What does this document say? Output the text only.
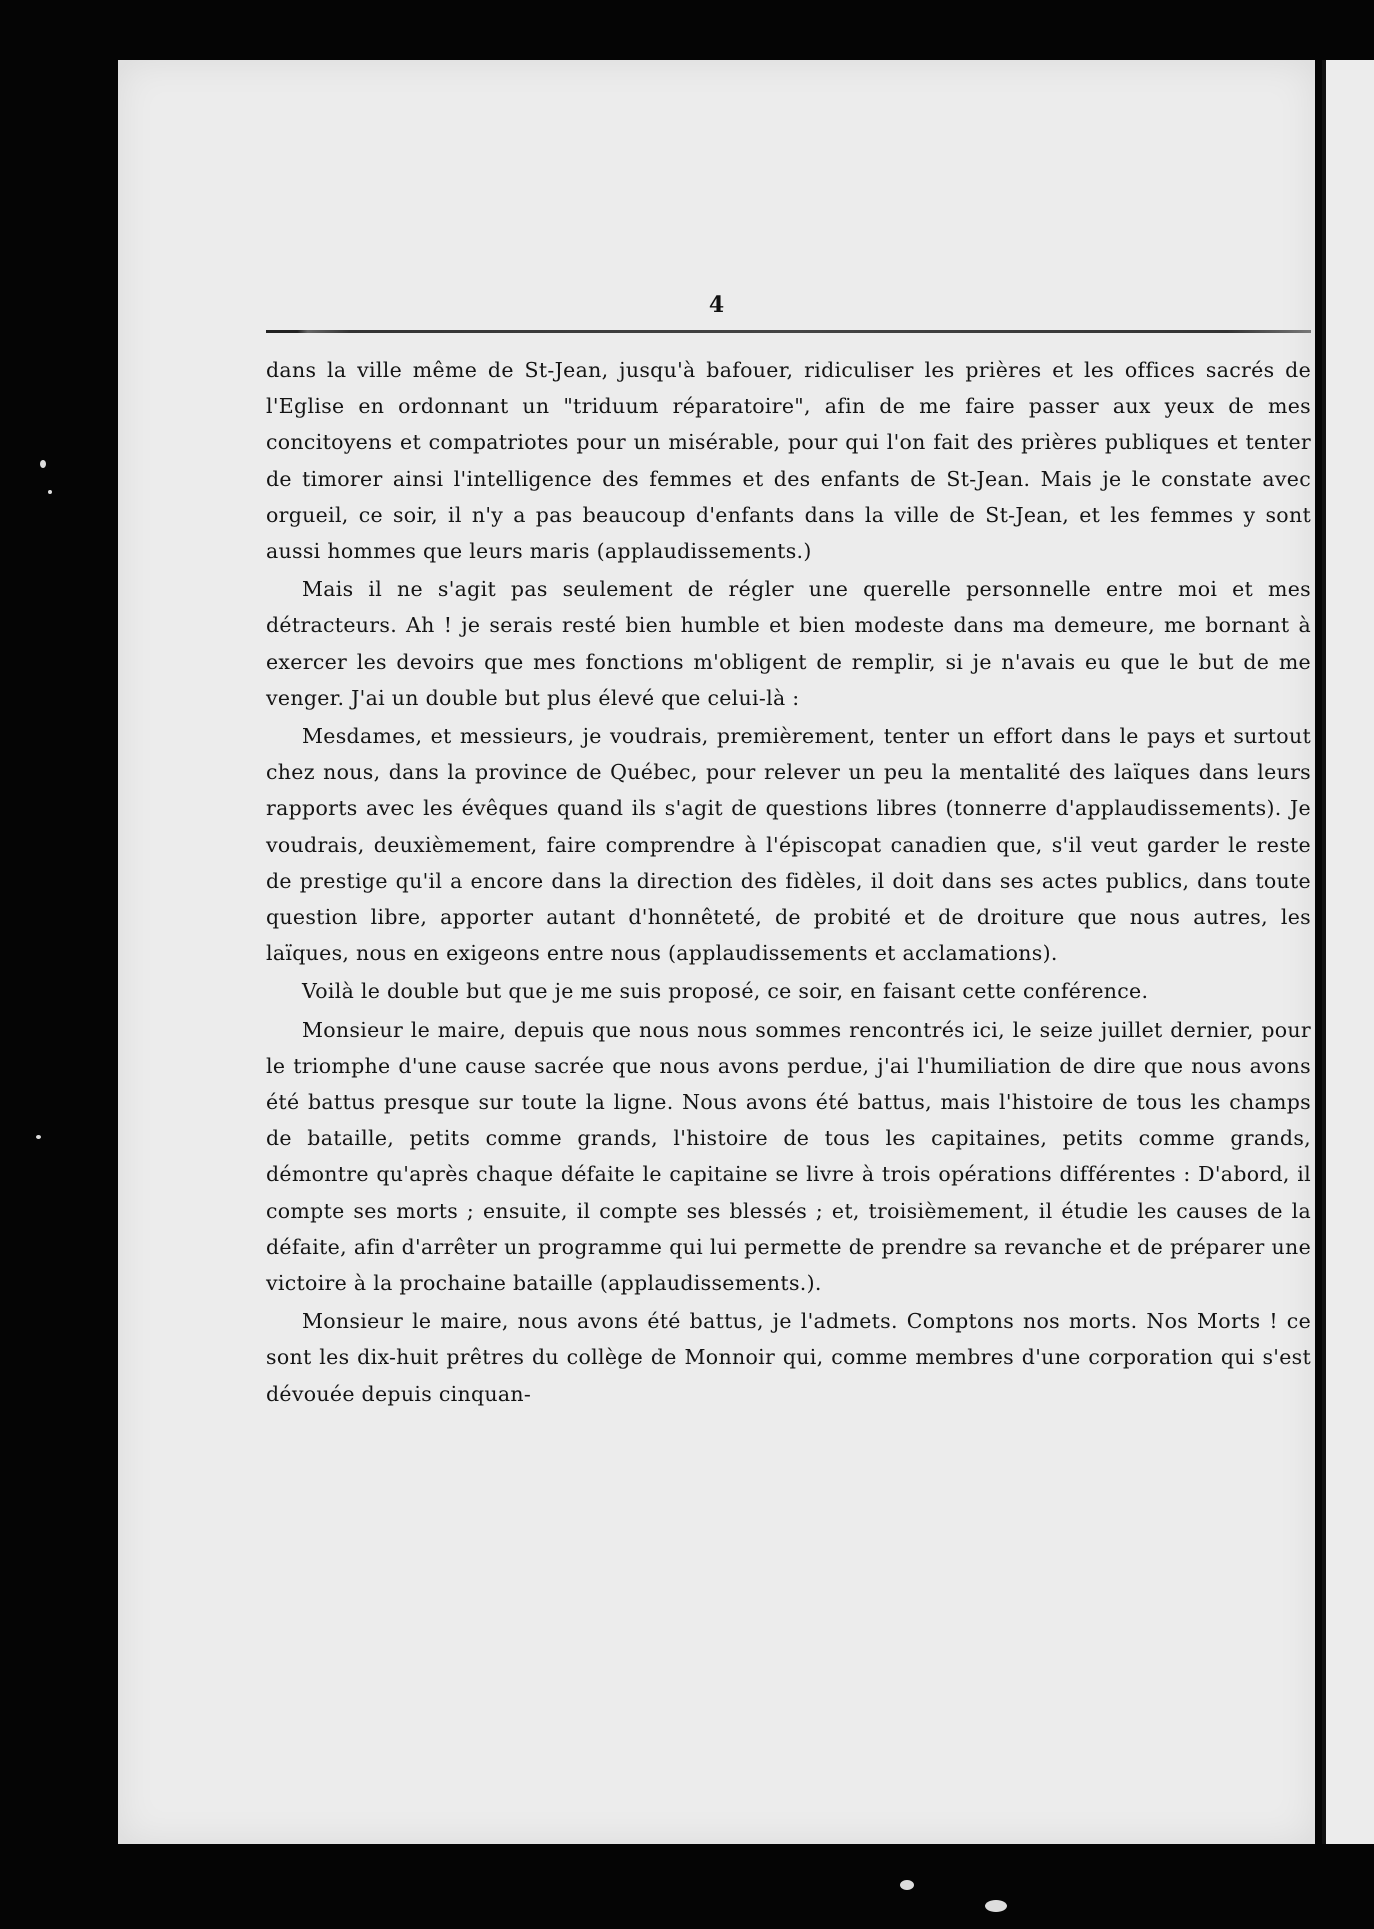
4

dans la ville même de St-Jean, jusqu'à bafouer, ridiculiser les prières et les offices sacrés de l'Eglise en ordonnant un "triduum réparatoire", afin de me faire passer aux yeux de mes concitoyens et compatriotes pour un misérable, pour qui l'on fait des prières publiques et tenter de timorer ainsi l'intelligence des femmes et des enfants de St-Jean. Mais je le constate avec orgueil, ce soir, il n'y a pas beaucoup d'enfants dans la ville de St-Jean, et les femmes y sont aussi hommes que leurs maris (applaudissements.)

Mais il ne s'agit pas seulement de régler une querelle personnelle entre moi et mes détracteurs. Ah ! je serais resté bien humble et bien modeste dans ma demeure, me bornant à exercer les devoirs que mes fonctions m'obligent de remplir, si je n'avais eu que le but de me venger. J'ai un double but plus élevé que celui-là :

Mesdames, et messieurs, je voudrais, premièrement, tenter un effort dans le pays et surtout chez nous, dans la province de Québec, pour relever un peu la mentalité des laïques dans leurs rapports avec les évêques quand ils s'agit de questions libres (tonnerre d'applaudissements). Je voudrais, deuxièmement, faire comprendre à l'épiscopat canadien que, s'il veut garder le reste de prestige qu'il a encore dans la direction des fidèles, il doit dans ses actes publics, dans toute question libre, apporter autant d'honnêteté, de probité et de droiture que nous autres, les laïques, nous en exigeons entre nous (applaudissements et acclamations).

Voilà le double but que je me suis proposé, ce soir, en faisant cette conférence.

Monsieur le maire, depuis que nous nous sommes rencontrés ici, le seize juillet dernier, pour le triomphe d'une cause sacrée que nous avons perdue, j'ai l'humiliation de dire que nous avons été battus presque sur toute la ligne. Nous avons été battus, mais l'histoire de tous les champs de bataille, petits comme grands, l'histoire de tous les capitaines, petits comme grands, démontre qu'après chaque défaite le capitaine se livre à trois opérations différentes : D'abord, il compte ses morts ; ensuite, il compte ses blessés ; et, troisièmement, il étudie les causes de la défaite, afin d'arrêter un programme qui lui permette de prendre sa revanche et de préparer une victoire à la prochaine bataille (applaudissements.).

Monsieur le maire, nous avons été battus, je l'admets. Comptons nos morts. Nos Morts ! ce sont les dix-huit prêtres du collège de Monnoir qui, comme membres d'une corporation qui s'est dévouée depuis cinquan-
